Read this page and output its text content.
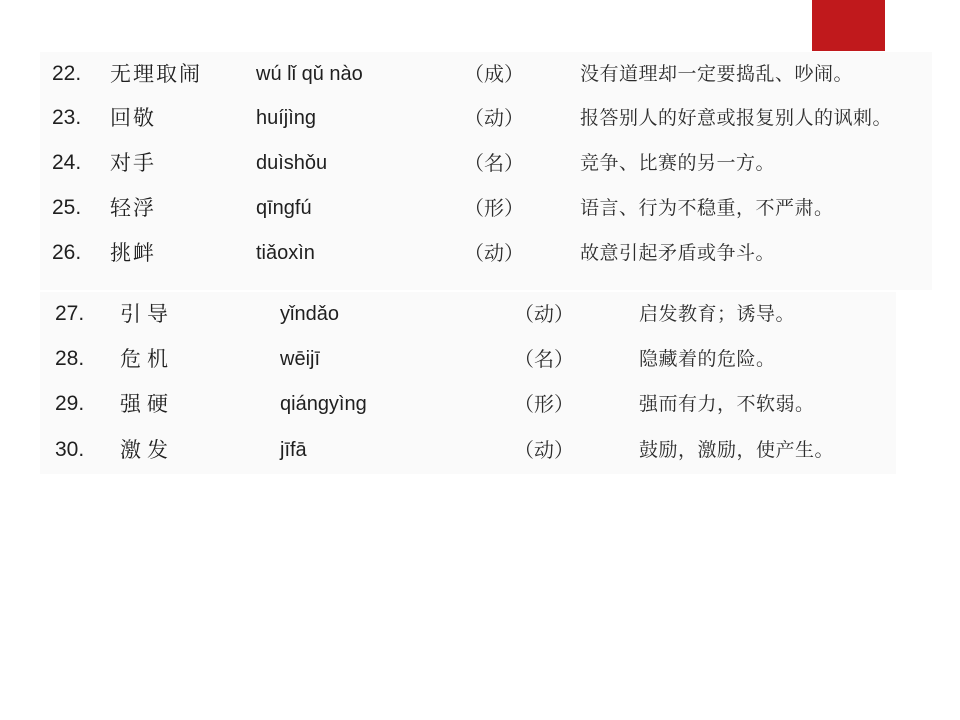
22. 无理取闹	wú lǐ qǔ nào	（成）	没有道理却一定要捣乱、吵闹。
23. 回敬	huíjìng	（动）	报答别人的好意或报复别人的讽刺。
24. 对手	duìshǒu	（名）	竞争、比赛的另一方。
25. 轻浮	qīngfú	（形）	语言、行为不稳重，不严肃。
26. 挑衅	tiǎoxìn	（动）	故意引起矛盾或争斗。
27. 引导	yǐndǎo	（动）	启发教育；诱导。
28. 危机	wēijī	（名）	隐藏着的危险。
29. 强硬	qiángyìng	（形）	强而有力，不软弱。
30. 激发	jīfā	（动）	鼓励，激励，使产生。
